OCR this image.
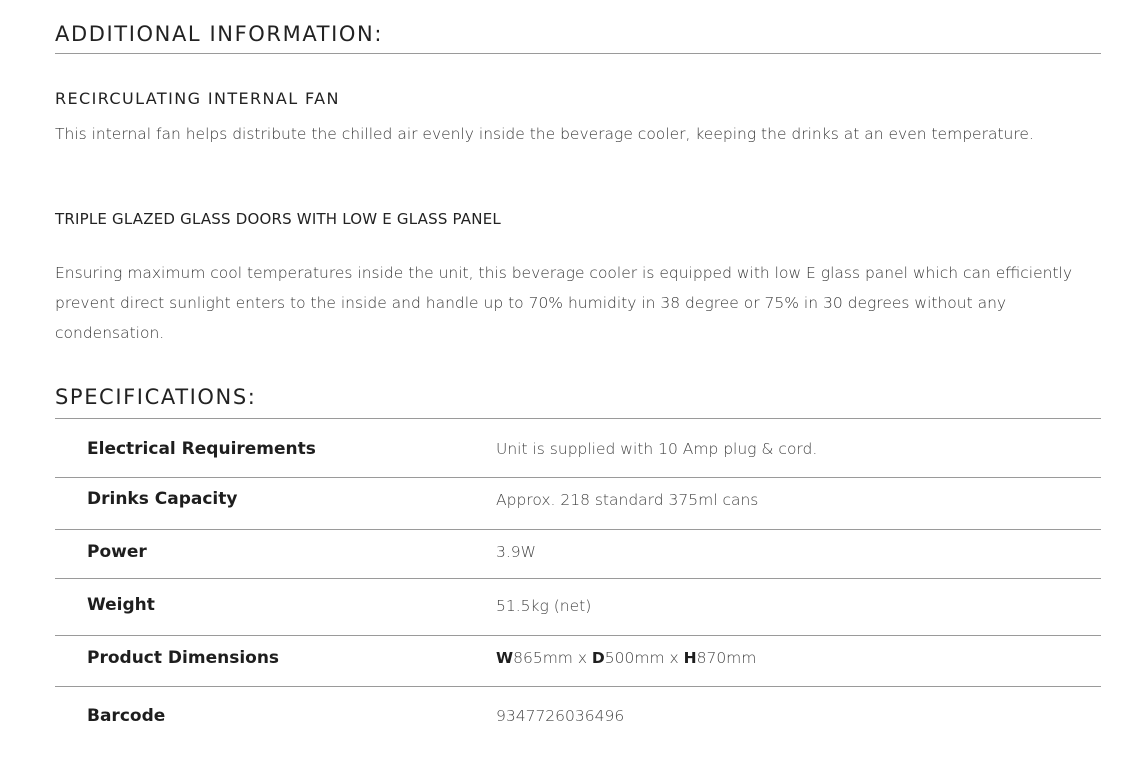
ADDITIONAL INFORMATION:
RECIRCULATING INTERNAL FAN

This internal fan helps distribute the chilled air evenly inside the beverage cooler, keeping the drinks at an even temperature.

TRIPLE GLAZED GLASS DOORS WITH LOW E GLASS PANEL

Ensuring maximum cool temperatures inside the unit, this beverage cooler is equipped with low E glass panel which can efficiently prevent direct sunlight enters to the inside and handle up to 70% humidity in 38 degree or 75% in 30 degrees without any condensation.

SPECIFICATIONS:
Electrical Requirements	Unit is supplied with 10 Amp plug & cord.
Drinks Capacity	Approx. 218 standard 375ml cans
Power	3.9W
Weight	51.5kg (net)
Product Dimensions	W865mm x D500mm x H870mm
Barcode	9347726036496
